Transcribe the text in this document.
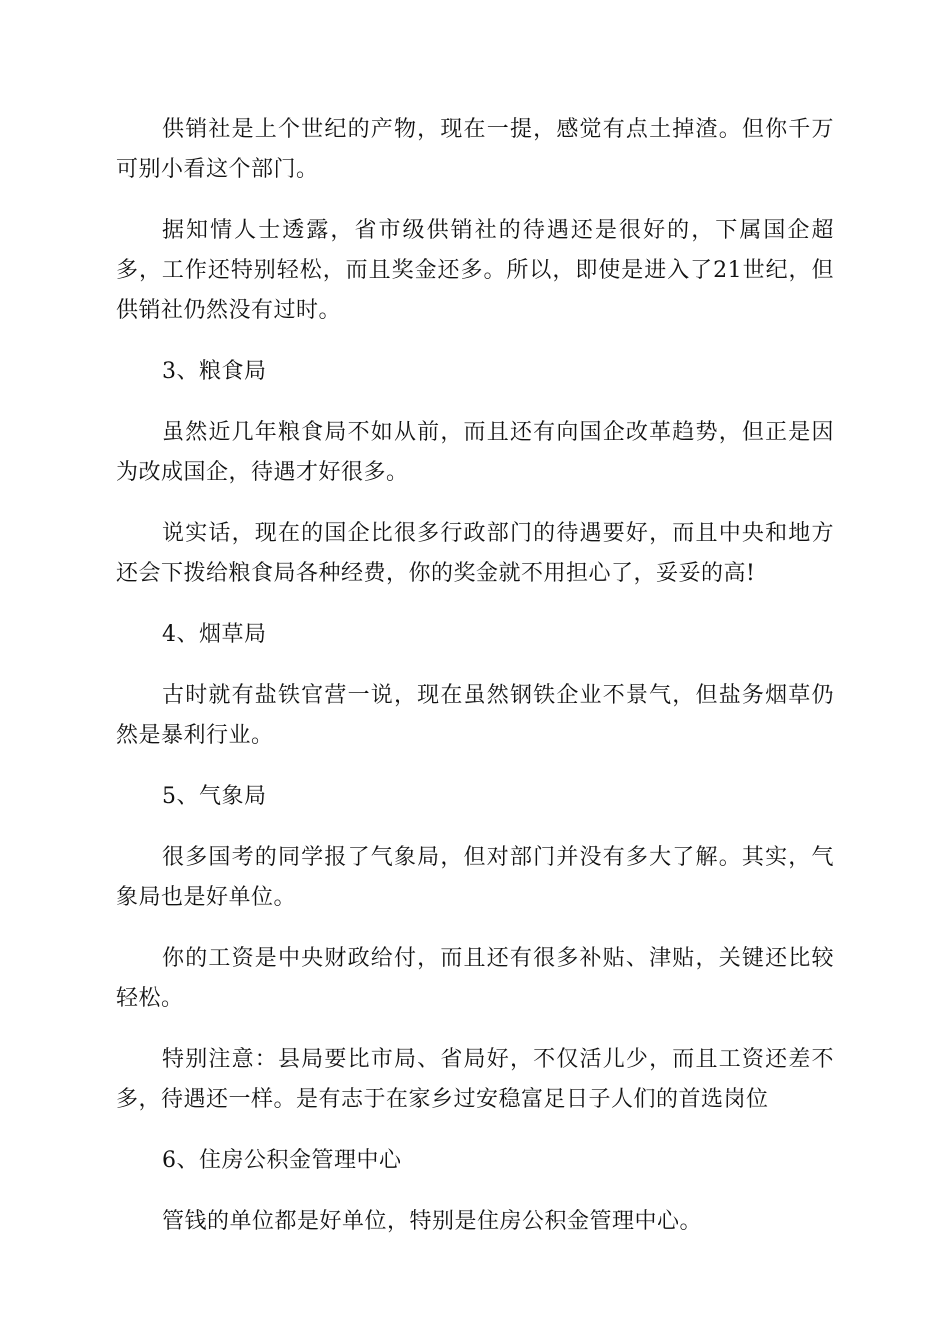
供销社是上个世纪的产物，现在一提，感觉有点土掉渣。但你千万可别小看这个部门。

据知情人士透露，省市级供销社的待遇还是很好的，下属国企超多，工作还特别轻松，而且奖金还多。所以，即使是进入了21世纪，但供销社仍然没有过时。

3、粮食局

虽然近几年粮食局不如从前，而且还有向国企改革趋势，但正是因为改成国企，待遇才好很多。

说实话，现在的国企比很多行政部门的待遇要好，而且中央和地方还会下拨给粮食局各种经费，你的奖金就不用担心了，妥妥的高!

4、烟草局

古时就有盐铁官营一说，现在虽然钢铁企业不景气，但盐务烟草仍然是暴利行业。

5、气象局

很多国考的同学报了气象局，但对部门并没有多大了解。其实，气象局也是好单位。

你的工资是中央财政给付，而且还有很多补贴、津贴，关键还比较轻松。

特别注意：县局要比市局、省局好，不仅活儿少，而且工资还差不多，待遇还一样。是有志于在家乡过安稳富足日子人们的首选岗位

6、住房公积金管理中心

管钱的单位都是好单位，特别是住房公积金管理中心。
